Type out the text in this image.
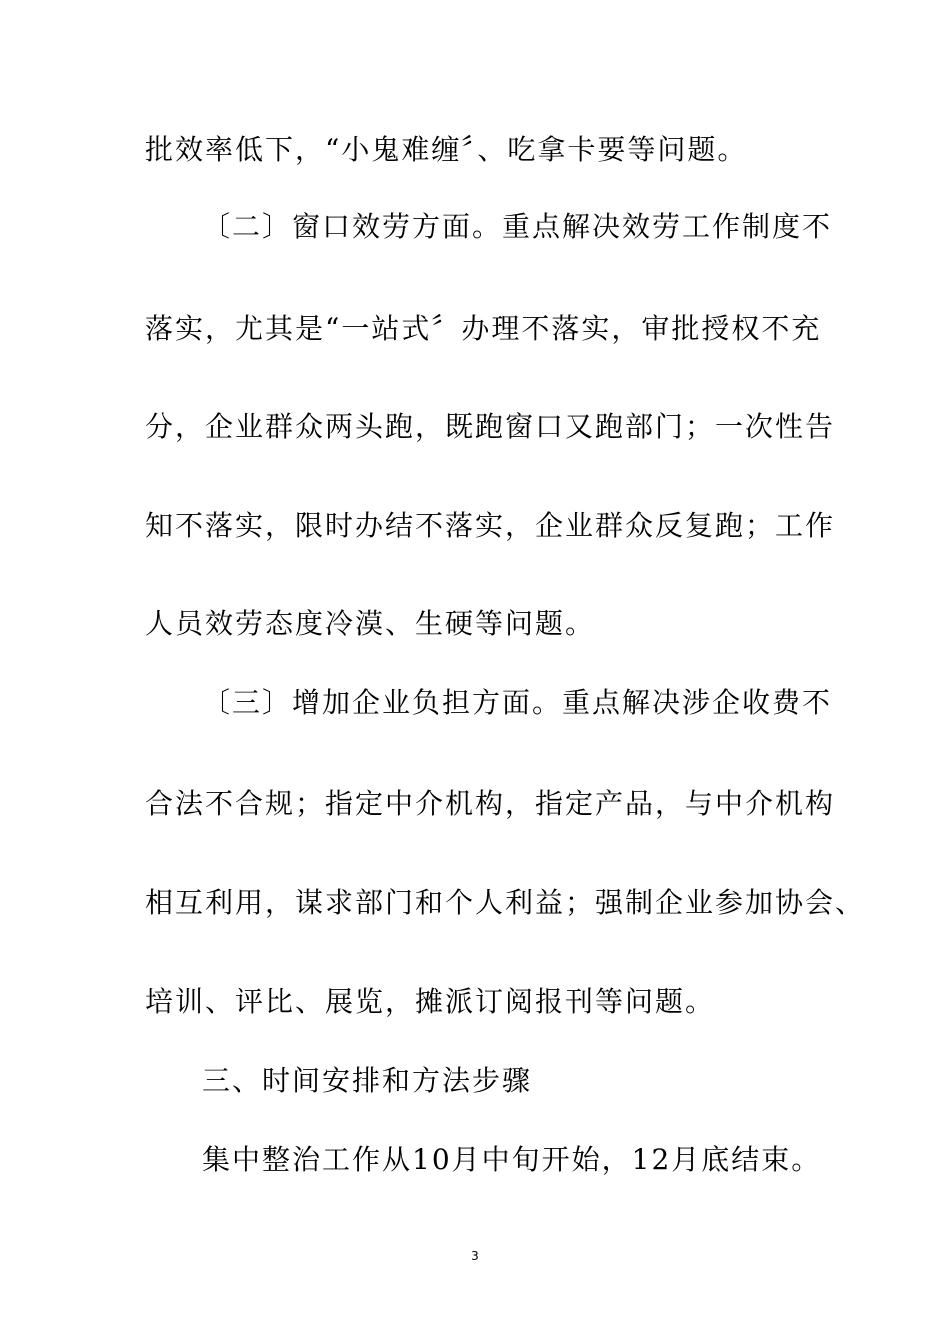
批效率低下，“小鬼难缠〞、吃拿卡要等问题。
〔二〕窗口效劳方面。重点解决效劳工作制度不
落实，尤其是“一站式〞办理不落实，审批授权不充
分，企业群众两头跑，既跑窗口又跑部门；一次性告
知不落实，限时办结不落实，企业群众反复跑；工作
人员效劳态度冷漠、生硬等问题。
〔三〕增加企业负担方面。重点解决涉企收费不
合法不合规；指定中介机构，指定产品，与中介机构
相互利用，谋求部门和个人利益；强制企业参加协会、
培训、评比、展览，摊派订阅报刊等问题。
三、时间安排和方法步骤
集中整治工作从10月中旬开始，12月底结束。
3
